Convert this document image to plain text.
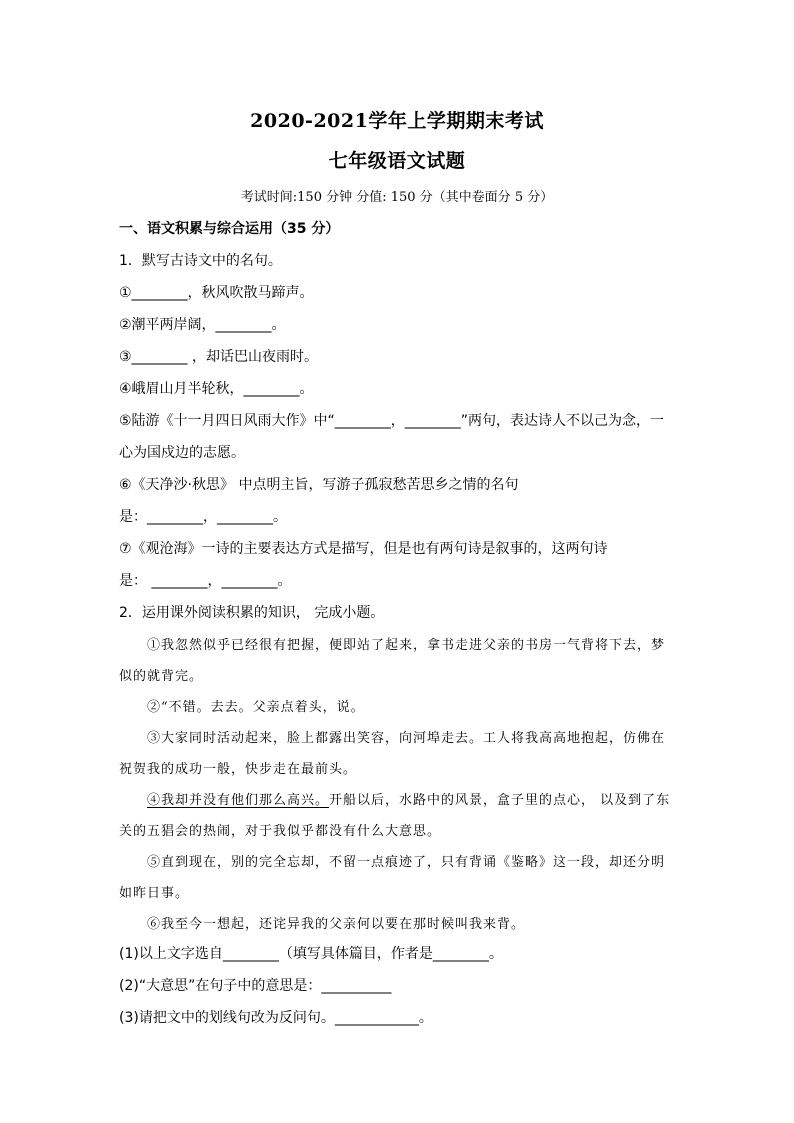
2020-2021学年上学期期末考试
七年级语文试题
考试时间:150 分钟 分值: 150 分（其中卷面分 5 分）
一、语文积累与综合运用（35 分）
1．默写古诗文中的名句。
①________，秋风吹散马蹄声。
②潮平两岸阔，________。
③________ ，却话巴山夜雨时。
④峨眉山月半轮秋，________。
⑤陆游《十一月四日风雨大作》中“________，________”两句，表达诗人不以己为念，一
心为国戍边的志愿。
⑥《天净沙·秋思》 中点明主旨，写游子孤寂愁苦思乡之情的名句
是：________，________。
⑦《观沧海》一诗的主要表达方式是描写，但是也有两句诗是叙事的，这两句诗
是： ________，________。
2．运用课外阅读积累的知识， 完成小题。
①我忽然似乎已经很有把握，便即站了起来，拿书走进父亲的书房一气背将下去，梦
似的就背完。
②“不错。去去。父亲点着头，说。
③大家同时活动起来，脸上都露出笑容，向河埠走去。工人将我高高地抱起，仿佛在
祝贺我的成功一般，快步走在最前头。
④我却并没有他们那么高兴。开船以后，水路中的风景，盒子里的点心， 以及到了东
关的五猖会的热闹，对于我似乎都没有什么大意思。
⑤直到现在，别的完全忘却，不留一点痕迹了，只有背诵《鉴略》这一段，却还分明
如昨日事。
⑥我至今一想起，还诧异我的父亲何以要在那时候叫我来背。
(1)以上文字选自________（填写具体篇目，作者是________。
(2)“大意思”在句子中的意思是：__________
(3)请把文中的划线句改为反问句。____________。
